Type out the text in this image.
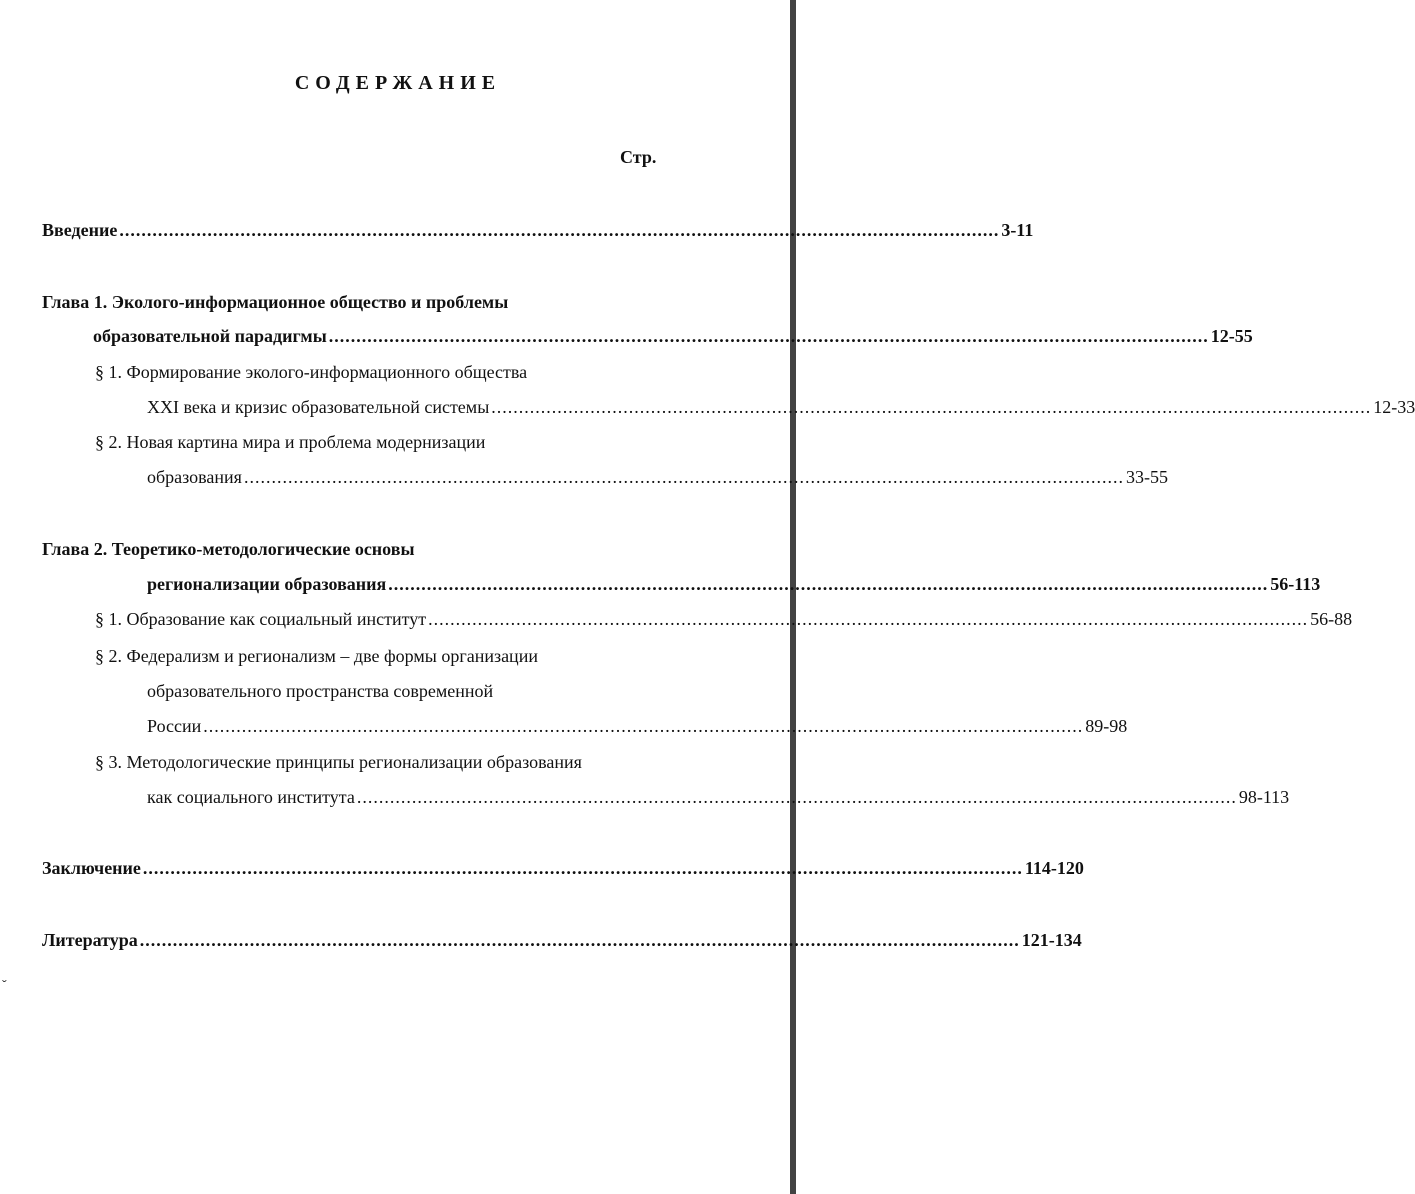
ˬ
СОДЕРЖАНИЕ
Стр.
Введение ................................................................................................................................................................ 3-11
Глава 1. Эколого-информационное общество и проблемы
образовательной парадигмы ................................................................................................................................................................ 12-55
§ 1. Формирование эколого-информационного общества
XXI века и кризис образовательной системы ................................................................................................................................................................ 12-33
§ 2. Новая картина мира и проблема модернизации
образования ................................................................................................................................................................ 33-55
Глава 2. Теоретико-методологические основы
регионализации образования ................................................................................................................................................................ 56-113
§ 1. Образование как социальный институт ................................................................................................................................................................ 56-88
§ 2. Федерализм и регионализм – две формы организации
образовательного пространства современной
России ................................................................................................................................................................ 89-98
§ 3. Методологические принципы регионализации образования
как социального института ................................................................................................................................................................ 98-113
Заключение ................................................................................................................................................................ 114-120
Литература ................................................................................................................................................................ 121-134
